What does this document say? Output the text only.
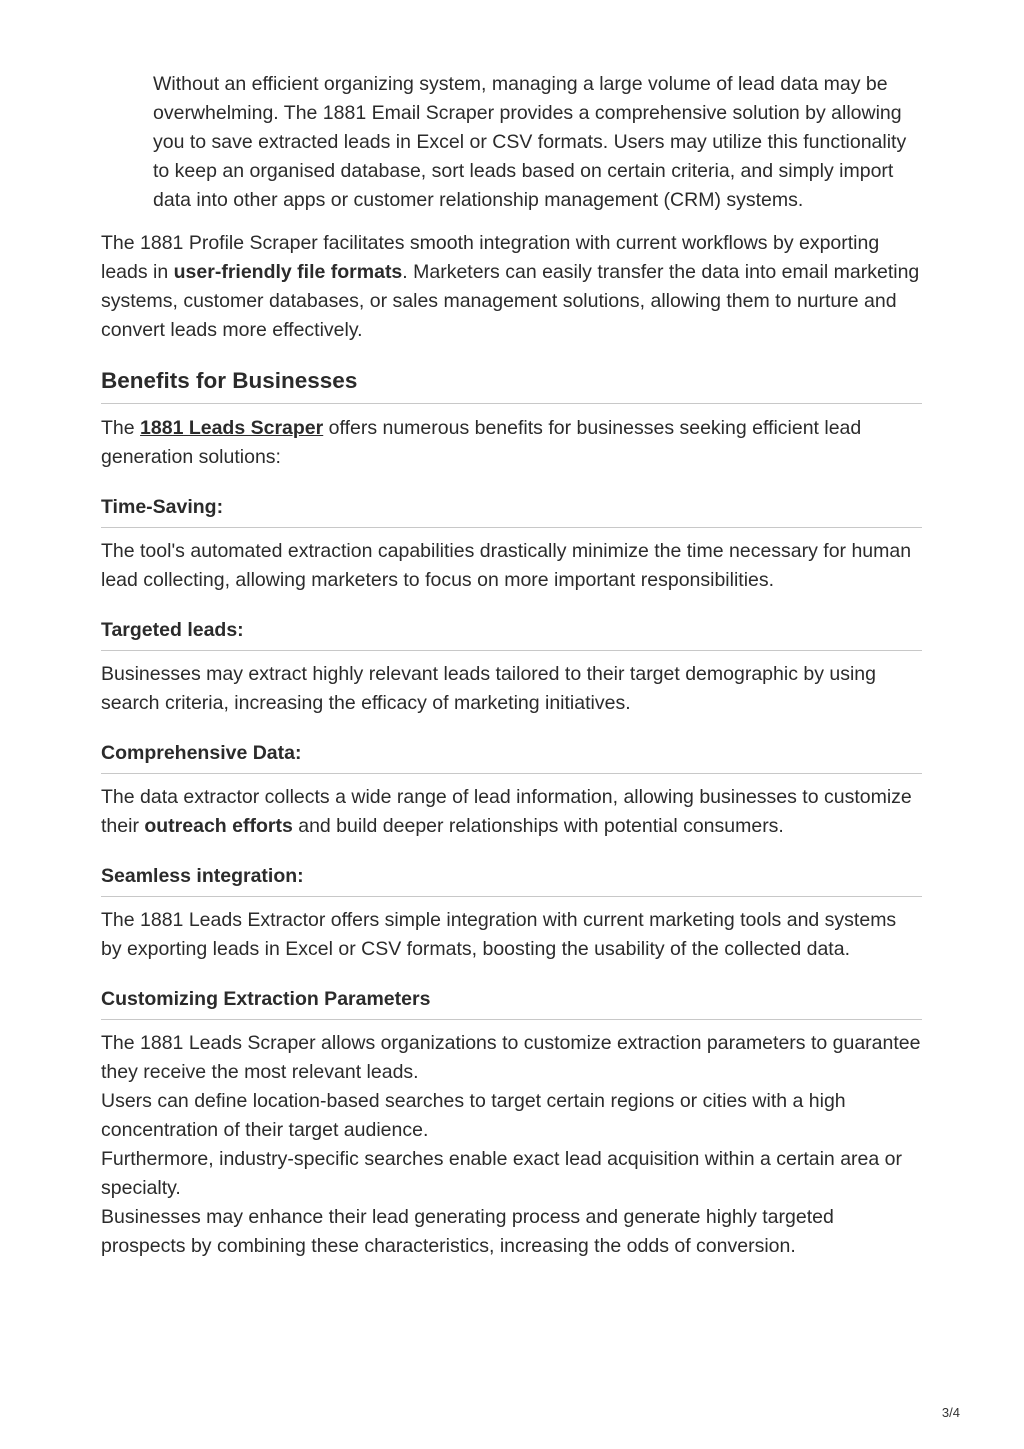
Without an efficient organizing system, managing a large volume of lead data may be overwhelming. The 1881 Email Scraper provides a comprehensive solution by allowing you to save extracted leads in Excel or CSV formats. Users may utilize this functionality to keep an organised database, sort leads based on certain criteria, and simply import data into other apps or customer relationship management (CRM) systems.

The 1881 Profile Scraper facilitates smooth integration with current workflows by exporting leads in user-friendly file formats. Marketers can easily transfer the data into email marketing systems, customer databases, or sales management solutions, allowing them to nurture and convert leads more effectively.

Benefits for Businesses

The 1881 Leads Scraper offers numerous benefits for businesses seeking efficient lead generation solutions:

Time-Saving:

The tool's automated extraction capabilities drastically minimize the time necessary for human lead collecting, allowing marketers to focus on more important responsibilities.

Targeted leads:

Businesses may extract highly relevant leads tailored to their target demographic by using search criteria, increasing the efficacy of marketing initiatives.

Comprehensive Data:

The data extractor collects a wide range of lead information, allowing businesses to customize their outreach efforts and build deeper relationships with potential consumers.

Seamless integration:

The 1881 Leads Extractor offers simple integration with current marketing tools and systems by exporting leads in Excel or CSV formats, boosting the usability of the collected data.

Customizing Extraction Parameters

The 1881 Leads Scraper allows organizations to customize extraction parameters to guarantee they receive the most relevant leads.

Users can define location-based searches to target certain regions or cities with a high concentration of their target audience.

Furthermore, industry-specific searches enable exact lead acquisition within a certain area or specialty.

Businesses may enhance their lead generating process and generate highly targeted prospects by combining these characteristics, increasing the odds of conversion.

3/4
